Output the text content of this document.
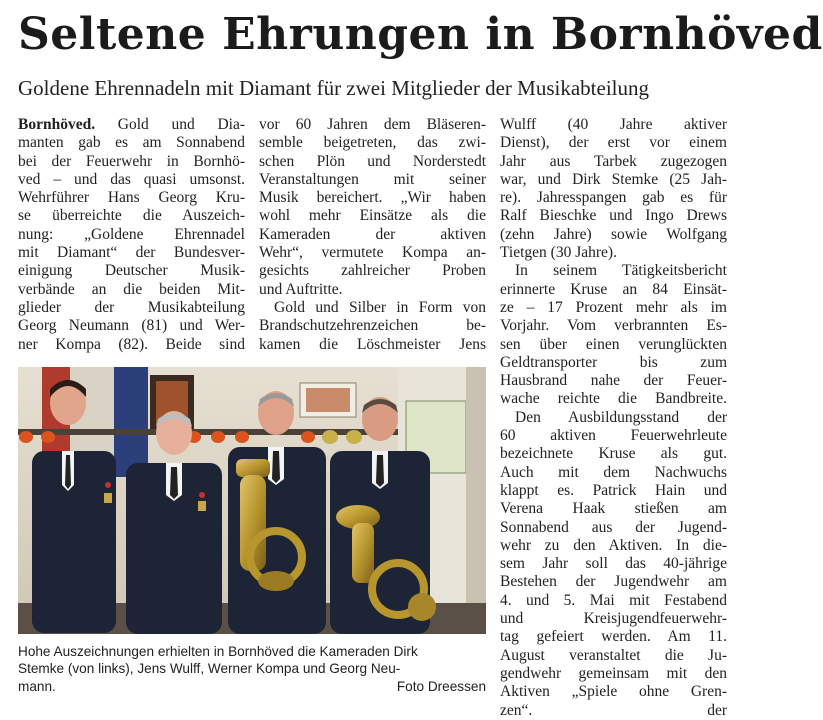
Seltene Ehrungen in Bornhöved
Goldene Ehrennadeln mit Diamant für zwei Mitglieder der Musikabteilung

Bornhöved. Gold und Dia-
manten gab es am Sonnabend
bei der Feuerwehr in Bornhö-
ved – und das quasi umsonst.
Wehrführer Hans Georg Kru-
se überreichte die Auszeich-
nung: „Goldene Ehrennadel
mit Diamant“ der Bundesver-
einigung Deutscher Musik-
verbände an die beiden Mit-
glieder der Musikabteilung
Georg Neumann (81) und Wer-
ner Kompa (82). Beide sind

vor 60 Jahren dem Bläseren-
semble beigetreten, das zwi-
schen Plön und Norderstedt
Veranstaltungen mit seiner
Musik bereichert. „Wir haben
wohl mehr Einsätze als die
Kameraden der aktiven
Wehr“, vermutete Kompa an-
gesichts zahlreicher Proben
und Auftritte.

Gold und Silber in Form von
Brandschutzehrenzeichen be-
kamen die Löschmeister Jens

Wulff (40 Jahre aktiver
Dienst), der erst vor einem
Jahr aus Tarbek zugezogen
war, und Dirk Stemke (25 Jah-
re). Jahresspangen gab es für
Ralf Bieschke und Ingo Drews
(zehn Jahre) sowie Wolfgang
Tietgen (30 Jahre).

In seinem Tätigkeitsbericht
erinnerte Kruse an 84 Einsät-
ze – 17 Prozent mehr als im
Vorjahr. Vom verbrannten Es-
sen über einen verunglückten
Geldtransporter bis zum
Hausbrand nahe der Feuer-
wache reichte die Bandbreite.

Den Ausbildungsstand der
60 aktiven Feuerwehrleute
bezeichnete Kruse als gut.
Auch mit dem Nachwuchs
klappt es. Patrick Hain und
Verena Haak stießen am
Sonnabend aus der Jugend-
wehr zu den Aktiven. In die-
sem Jahr soll das 40-jährige
Bestehen der Jugendwehr am
4. und 5. Mai mit Festabend
und Kreisjugendfeuerwehr-
tag gefeiert werden. Am 11.
August veranstaltet die Ju-
gendwehr gemeinsam mit den
Aktiven „Spiele ohne Gren-
zen“.	der

Hohe Auszeichnungen erhielten in Bornhöved die Kameraden Dirk
Stemke (von links), Jens Wulff, Werner Kompa und Georg Neu-
mann.	Foto Dreessen
